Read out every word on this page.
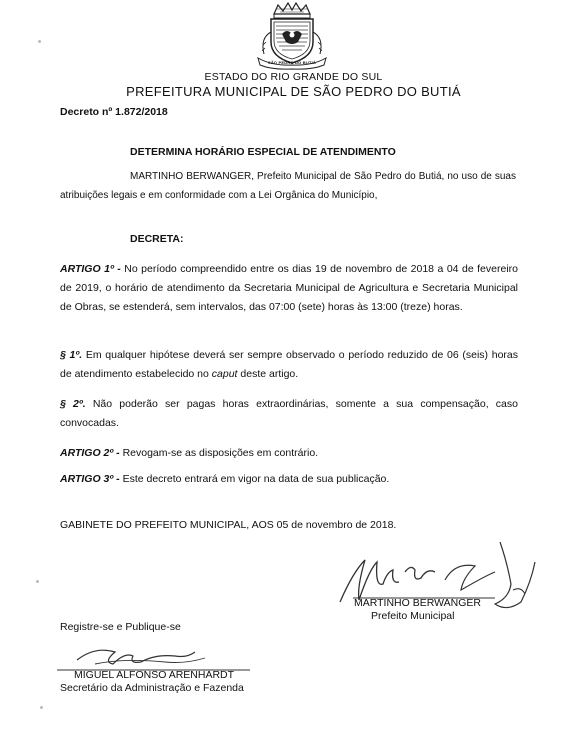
SÃO PEDRO DO BUTIÁ
ESTADO DO RIO GRANDE DO SUL
PREFEITURA MUNICIPAL DE SÃO PEDRO DO BUTIÁ
Decreto nº 1.872/2018
DETERMINA HORÁRIO ESPECIAL DE ATENDIMENTO
MARTINHO BERWANGER, Prefeito Municipal de São Pedro do Butiá, no uso de suas atribuições legais e em conformidade com a Lei Orgânica do Município,
DECRETA:
ARTIGO 1º - No período compreendido entre os dias 19 de novembro de 2018 a 04 de fevereiro de 2019, o horário de atendimento da Secretaria Municipal de Agricultura e Secretaria Municipal de Obras, se estenderá, sem intervalos, das 07:00 (sete) horas às 13:00 (treze) horas.
§ 1º. Em qualquer hipótese deverá ser sempre observado o período reduzido de 06 (seis) horas de atendimento estabelecido no caput deste artigo.
§ 2º. Não poderão ser pagas horas extraordinárias, somente a sua compensação, caso convocadas.
ARTIGO 2º - Revogam-se as disposições em contrário.
ARTIGO 3º - Este decreto entrará em vigor na data de sua publicação.
GABINETE DO PREFEITO MUNICIPAL, AOS 05 de novembro de 2018.
MARTINHO BERWANGER
Prefeito Municipal
Registre-se e Publique-se
MIGUEL ALFONSO ARENHARDT
Secretário da Administração e Fazenda
